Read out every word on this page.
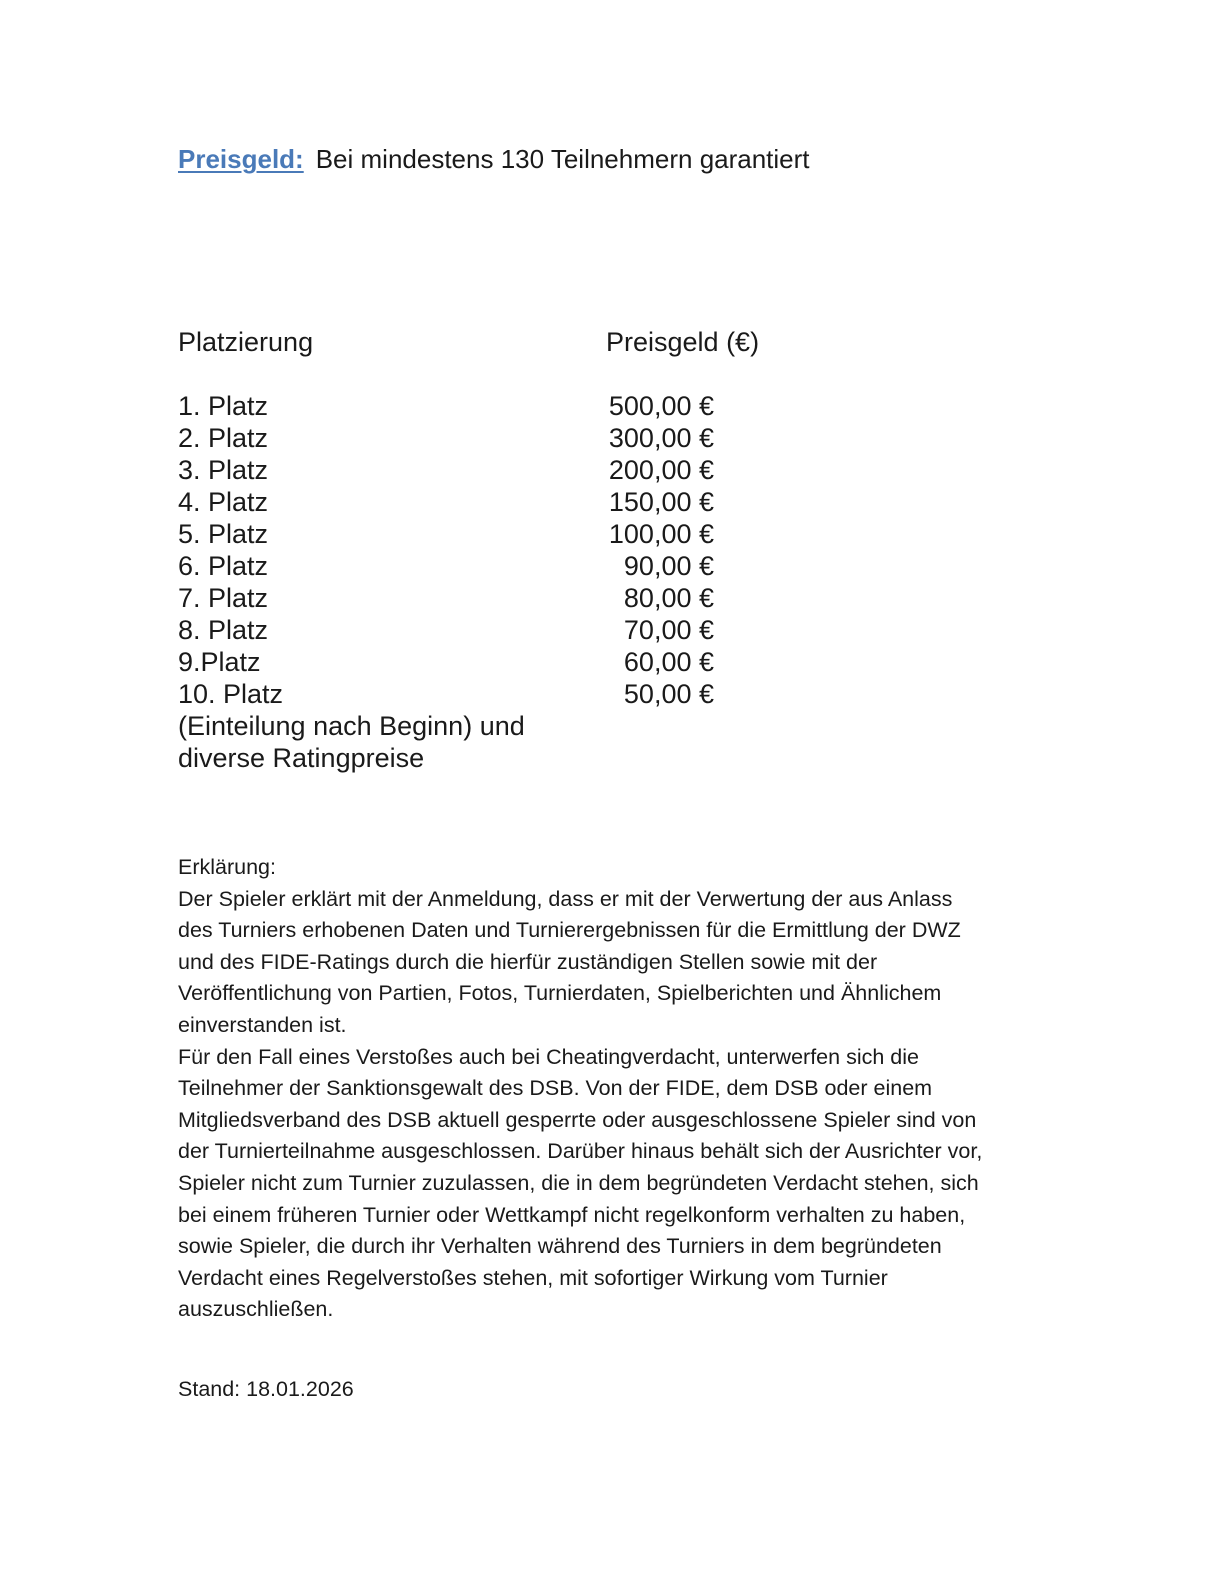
Preisgeld: Bei mindestens 130 Teilnehmern garantiert
Platzierung	Preisgeld (€)
1. Platz	500,00 €
2. Platz	300,00 €
3. Platz	200,00 €
4. Platz	150,00 €
5. Platz	100,00 €
6. Platz	90,00 €
7. Platz	80,00 €
8. Platz	70,00 €
9.Platz	60,00 €
10. Platz	50,00 €
(Einteilung nach Beginn) und
diverse Ratingpreise
Erklärung:
Der Spieler erklärt mit der Anmeldung, dass er mit der Verwertung der aus Anlass
des Turniers erhobenen Daten und Turnierergebnissen für die Ermittlung der DWZ
und des FIDE-Ratings durch die hierfür zuständigen Stellen sowie mit der
Veröffentlichung von Partien, Fotos, Turnierdaten, Spielberichten und Ähnlichem
einverstanden ist.
Für den Fall eines Verstoßes auch bei Cheatingverdacht, unterwerfen sich die
Teilnehmer der Sanktionsgewalt des DSB. Von der FIDE, dem DSB oder einem
Mitgliedsverband des DSB aktuell gesperrte oder ausgeschlossene Spieler sind von
der Turnierteilnahme ausgeschlossen. Darüber hinaus behält sich der Ausrichter vor,
Spieler nicht zum Turnier zuzulassen, die in dem begründeten Verdacht stehen, sich
bei einem früheren Turnier oder Wettkampf nicht regelkonform verhalten zu haben,
sowie Spieler, die durch ihr Verhalten während des Turniers in dem begründeten
Verdacht eines Regelverstoßes stehen, mit sofortiger Wirkung vom Turnier
auszuschließen.
Stand: 18.01.2026
